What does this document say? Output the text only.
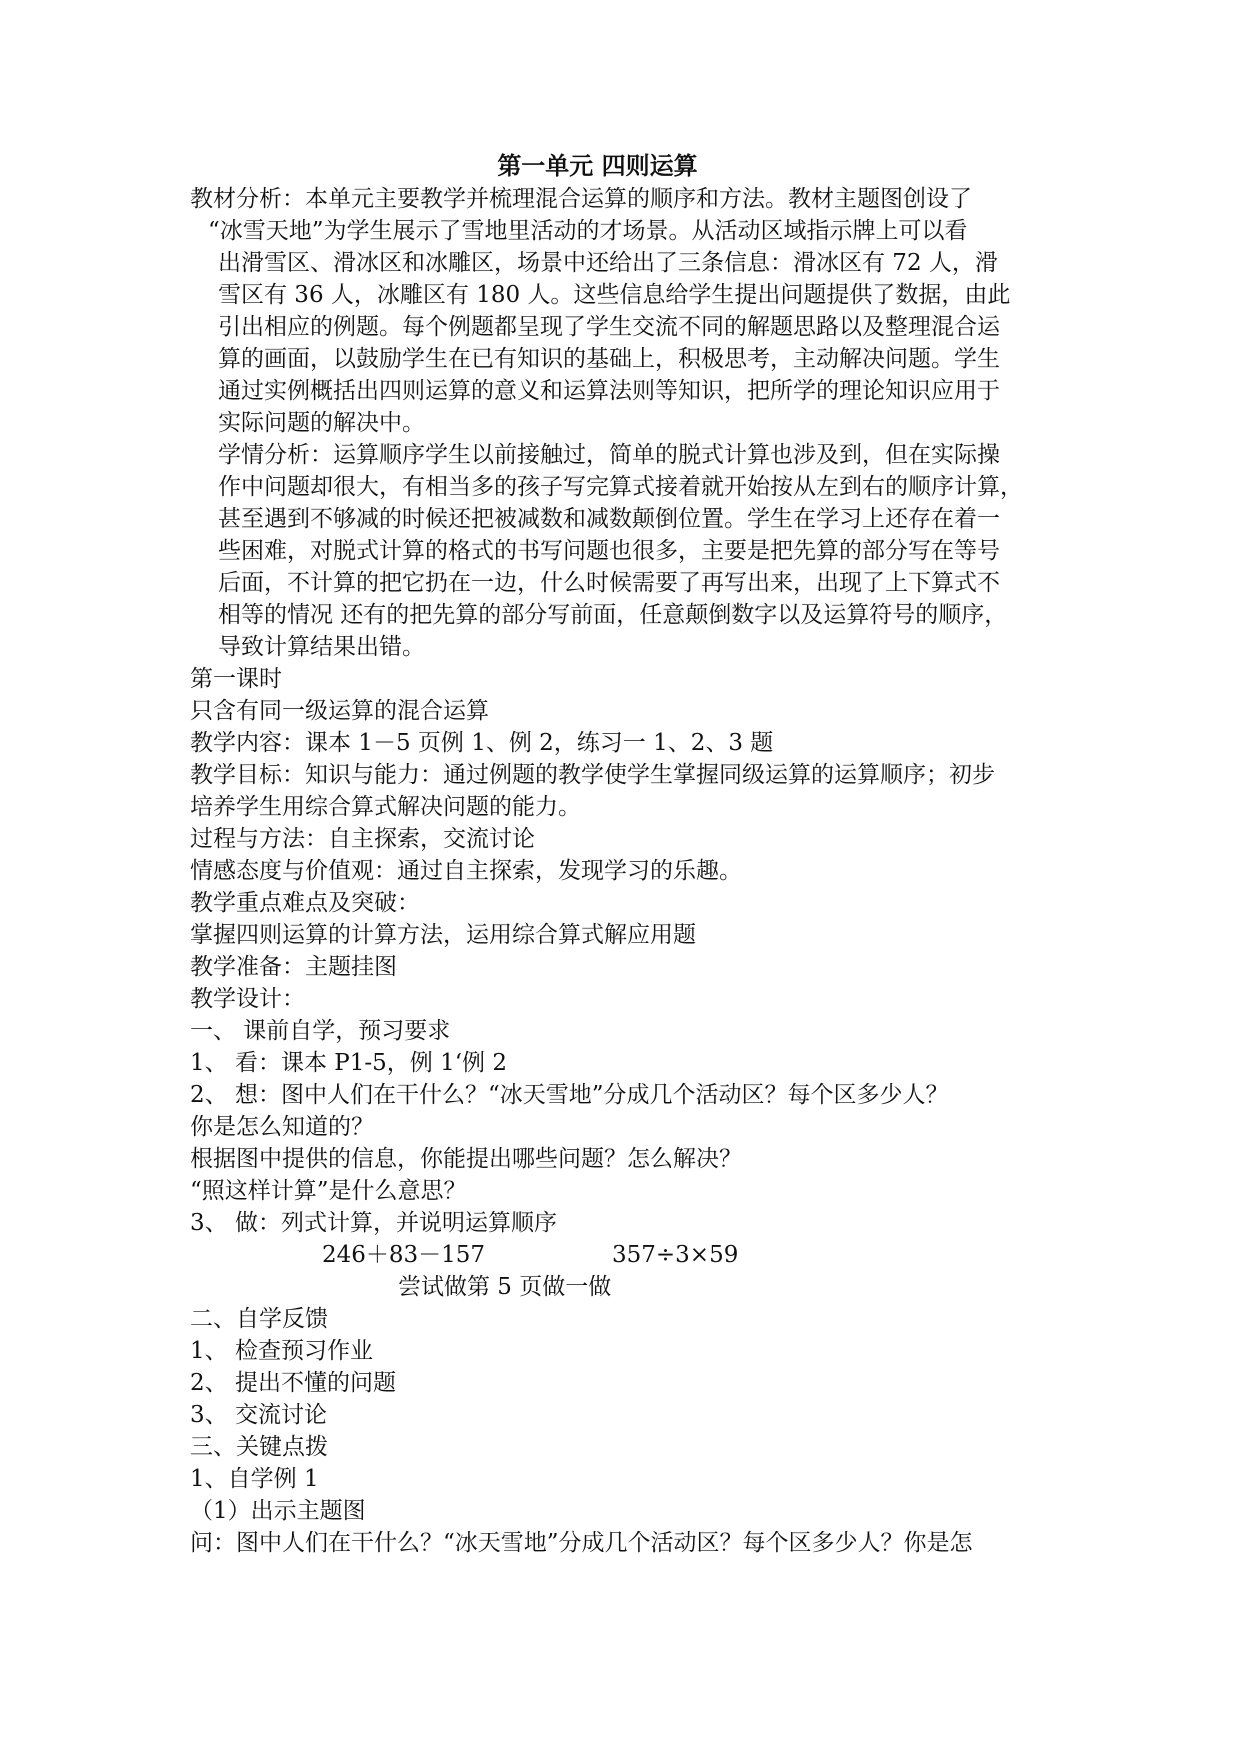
第一单元 四则运算
教材分析：本单元主要教学并梳理混合运算的顺序和方法。教材主题图创设了
“冰雪天地”为学生展示了雪地里活动的才场景。从活动区域指示牌上可以看
出滑雪区、滑冰区和冰雕区，场景中还给出了三条信息：滑冰区有 72 人，滑
雪区有 36 人，冰雕区有 180 人。这些信息给学生提出问题提供了数据，由此
引出相应的例题。每个例题都呈现了学生交流不同的解题思路以及整理混合运
算的画面，以鼓励学生在已有知识的基础上，积极思考，主动解决问题。学生
通过实例概括出四则运算的意义和运算法则等知识，把所学的理论知识应用于
实际问题的解决中。
学情分析：运算顺序学生以前接触过，简单的脱式计算也涉及到，但在实际操
作中问题却很大，有相当多的孩子写完算式接着就开始按从左到右的顺序计算，
甚至遇到不够减的时候还把被减数和减数颠倒位置。学生在学习上还存在着一
些困难，对脱式计算的格式的书写问题也很多，主要是把先算的部分写在等号
后面，不计算的把它扔在一边，什么时候需要了再写出来，出现了上下算式不
相等的情况 还有的把先算的部分写前面，任意颠倒数字以及运算符号的顺序，
导致计算结果出错。
第一课时
只含有同一级运算的混合运算
教学内容：课本 1－5 页例 1、例 2，练习一 1、2、3 题
教学目标：知识与能力：通过例题的教学使学生掌握同级运算的运算顺序；初步
培养学生用综合算式解决问题的能力。
过程与方法：自主探索，交流讨论
情感态度与价值观：通过自主探索，发现学习的乐趣。
教学重点难点及突破：
掌握四则运算的计算方法，运用综合算式解应用题
教学准备：主题挂图
教学设计：
一、 课前自学，预习要求
1、 看：课本 P1-5，例 1‘例 2
2、 想：图中人们在干什么？“冰天雪地”分成几个活动区？每个区多少人？
你是怎么知道的？
根据图中提供的信息，你能提出哪些问题？怎么解决？
“照这样计算”是什么意思？
3、 做：列式计算，并说明运算顺序
二、自学反馈
1、 检查预习作业
2、 提出不懂的问题
3、 交流讨论
三、关键点拨
1、自学例 1
（1）出示主题图
问：图中人们在干什么？“冰天雪地”分成几个活动区？每个区多少人？你是怎
246＋83－157	357÷3×59
尝试做第 5 页做一做
